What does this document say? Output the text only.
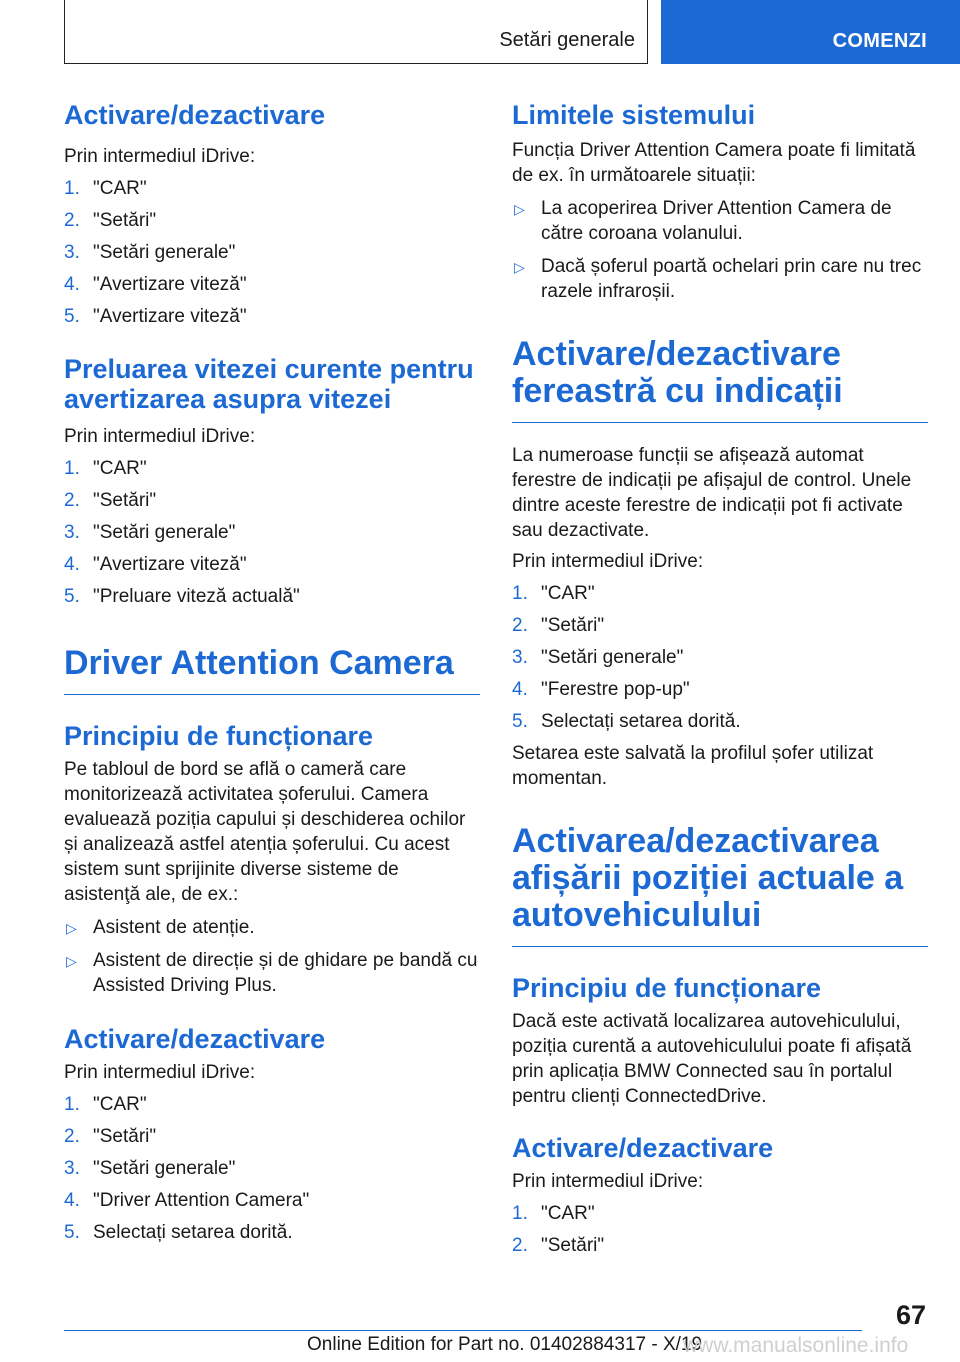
Setări generale	COMENZI
Activare/dezactivare

Prin intermediul iDrive:

1. "CAR"
2. "Setări"
3. "Setări generale"
4. "Avertizare viteză"
5. "Avertizare viteză"
Preluarea vitezei curente pentru avertizarea asupra vitezei

Prin intermediul iDrive:

1. "CAR"
2. "Setări"
3. "Setări generale"
4. "Avertizare viteză"
5. "Preluare viteză actuală"
Driver Attention Camera
Principiu de funcționare

Pe tabloul de bord se află o cameră care monitorizează activitatea șoferului. Camera evaluează poziția capului și deschiderea ochilor și analizează astfel atenția șoferului. Cu acest sistem sunt sprijinite diverse sisteme de asistenţă ale, de ex.:

▷ Asistent de atenție.
▷ Asistent de direcție și de ghidare pe bandă cu Assisted Driving Plus.
Activare/dezactivare

Prin intermediul iDrive:

1. "CAR"
2. "Setări"
3. "Setări generale"
4. "Driver Attention Camera"
5. Selectați setarea dorită.
Limitele sistemului

Funcția Driver Attention Camera poate fi limitată de ex. în următoarele situații:

▷ La acoperirea Driver Attention Camera de către coroana volanului.
▷ Dacă șoferul poartă ochelari prin care nu trec razele infraroșii.
Activare/dezactivare fereastră cu indicații

La numeroase funcții se afișează automat ferestre de indicații pe afișajul de control. Unele dintre aceste ferestre de indicații pot fi activate sau dezactivate.

Prin intermediul iDrive:

1. "CAR"
2. "Setări"
3. "Setări generale"
4. "Ferestre pop-up"
5. Selectați setarea dorită.

Setarea este salvată la profilul șofer utilizat momentan.

Activarea/dezactivarea afișării poziției actuale a autovehiculului
Principiu de funcționare

Dacă este activată localizarea autovehiculului, poziția curentă a autovehiculului poate fi afișată prin aplicația BMW Connected sau în portalul pentru clienți ConnectedDrive.

Activare/dezactivare

Prin intermediul iDrive:

1. "CAR"
2. "Setări"
67
Online Edition for Part no. 01402884317 - X/19
www.manualsonline.info
